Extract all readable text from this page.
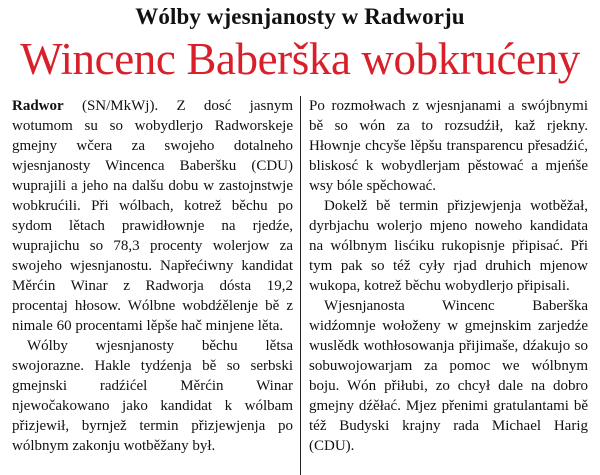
Wólby wjesnjanosty w Radworju
Wincenc Baberška wobkrućeny

Radwor (SN/MkWj). Z dosć jasnym wotumom su so wobydlerjo Radworskeje gmejny wčera za swojeho dotalneho wjesnjanosty Wincenca Baberšku (CDU) wuprajili a jeho na dalšu dobu w zastojnstwje wobkrućili. Při wólbach, kotrež běchu po sydom lětach prawidłownje na rjedźe, wuprajichu so 78,3 procenty wolerjow za swojeho wjesnjanostu. Napřećiwny kandidat Měrćin Winar z Radworja dósta 19,2 procentaj hłosow. Wólbne wobdźělenje bě z nimale 60 procentami lěpše hač minjene lěta.

Wólby wjesnjanosty běchu lětsa swojorazne. Hakle tydźenja bě so serbski gmejnski radźićel Měrćin Winar njewočakowano jako kandidat k wólbam přizjewił, byrnjež termin přizjewjenja po wólbnym zakonju wotběžany był.

Po rozmołwach z wjesnjanami a swójbnymi bě so wón za to rozsudźił, kaž rjekny. Hłownje chcyše lěpšu transparencu přesadźić, bliskosć k wobydlerjam pěstować a mjeńše wsy bóle spěchować.

Dokelž bě termin přizjewjenja wotběžał, dyrbjachu wolerjo mjeno noweho kandidata na wólbnym lisćiku rukopisnje připisać. Při tym pak so též cyły rjad druhich mjenow wukopa, kotrež běchu wobydlerjo připisali.

Wjesnjanosta Wincenc Baberška widźomnje wołoženy w gmejnskim zarjedźe wuslědk wothłosowanja přijimaše, dźakujo so sobuwojowarjam za pomoc we wólbnym boju. Wón přiłubi, zo chcył dale na dobro gmejny dźěłać. Mjez přenimi gratulantami bě též Budyski krajny rada Michael Harig (CDU).
